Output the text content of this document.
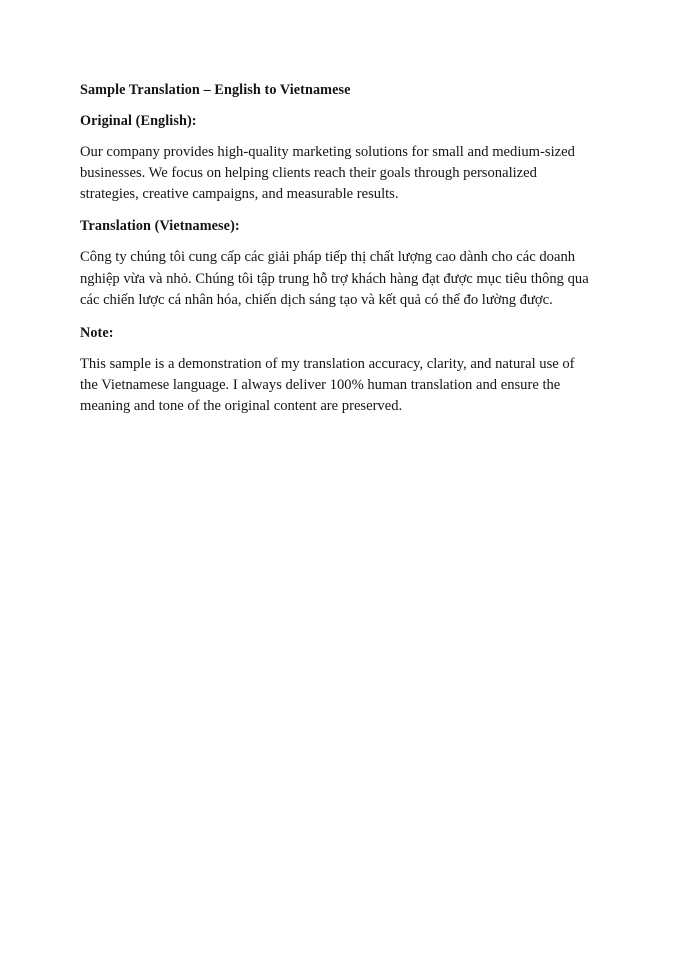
Sample Translation – English to Vietnamese

Original (English):

Our company provides high-quality marketing solutions for small and medium-sized businesses. We focus on helping clients reach their goals through personalized strategies, creative campaigns, and measurable results.

Translation (Vietnamese):

Công ty chúng tôi cung cấp các giải pháp tiếp thị chất lượng cao dành cho các doanh nghiệp vừa và nhỏ. Chúng tôi tập trung hỗ trợ khách hàng đạt được mục tiêu thông qua các chiến lược cá nhân hóa, chiến dịch sáng tạo và kết quả có thể đo lường được.

Note:

This sample is a demonstration of my translation accuracy, clarity, and natural use of the Vietnamese language. I always deliver 100% human translation and ensure the meaning and tone of the original content are preserved.
